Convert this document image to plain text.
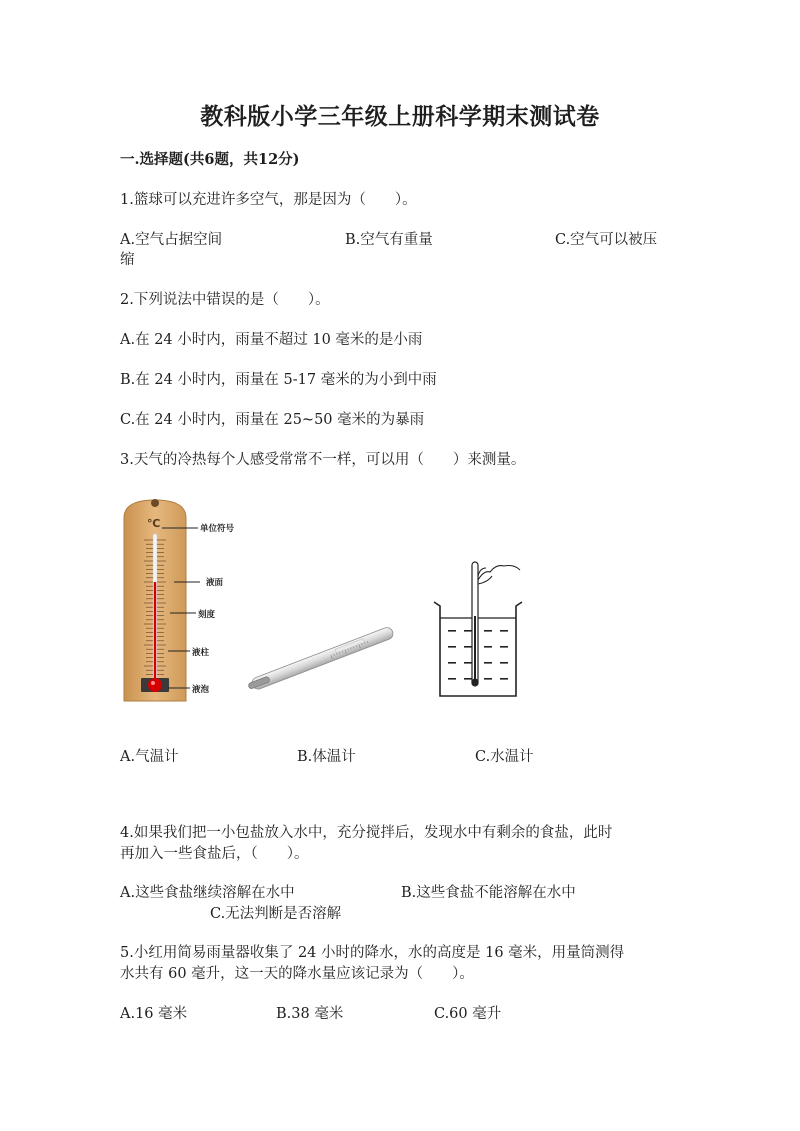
教科版小学三年级上册科学期末测试卷
一.选择题(共6题，共12分)
1.篮球可以充进许多空气，那是因为（　　）。
A.空气占据空间	B.空气有重量	C.空气可以被压
缩
2.下列说法中错误的是（　　）。
A.在 24 小时内，雨量不超过 10 毫米的是小雨
B.在 24 小时内，雨量在 5-17 毫米的为小到中雨
C.在 24 小时内，雨量在 25~50 毫米的为暴雨
3.天气的冷热每个人感受常常不一样，可以用（　　）来测量。
℃	单位符号
液面
刻度
液柱
液泡
A.气温计	B.体温计	C.水温计
4.如果我们把一小包盐放入水中，充分搅拌后，发现水中有剩余的食盐，此时
再加入一些食盐后，（　　）。
A.这些食盐继续溶解在水中	B.这些食盐不能溶解在水中
C.无法判断是否溶解
5.小红用简易雨量器收集了 24 小时的降水，水的高度是 16 毫米，用量筒测得
水共有 60 毫升，这一天的降水量应该记录为（　　）。
A.16 毫米	B.38 毫米	C.60 毫升
